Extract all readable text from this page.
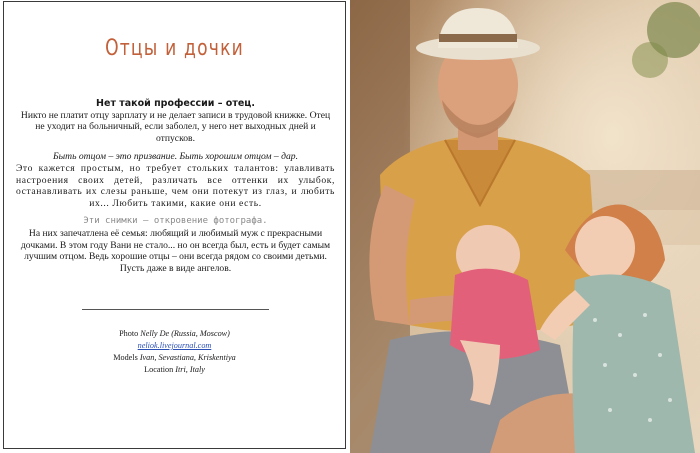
Отцы и дочки

Нет такой профессии – отец.

Никто не платит отцу зарплату и не делает записи в трудовой книжке. Отец не уходит на больничный, если заболел, у него нет выходных дней и отпусков.

Быть отцом – это призвание. Быть хорошим отцом – дар.

Это кажется простым, но требует стольких талантов: улавливать настроения своих детей, различать все оттенки их улыбок, останавливать их слезы раньше, чем они потекут из глаз, и любить их... Любить такими, какие они есть.

Эти снимки – откровение фотографа.

На них запечатлена её семья: любящий и любимый муж с прекрасными дочками. В этом году Вани не стало... но он всегда был, есть и будет самым лучшим отцом. Ведь хорошие отцы – они всегда рядом со своими детьми.

Пусть даже в виде ангелов.

Photo Nelly De (Russia, Moscow)
neliok.livejournal.com
Models Ivan, Sevastiana, Kriskentiya
Location Itri, Italy
